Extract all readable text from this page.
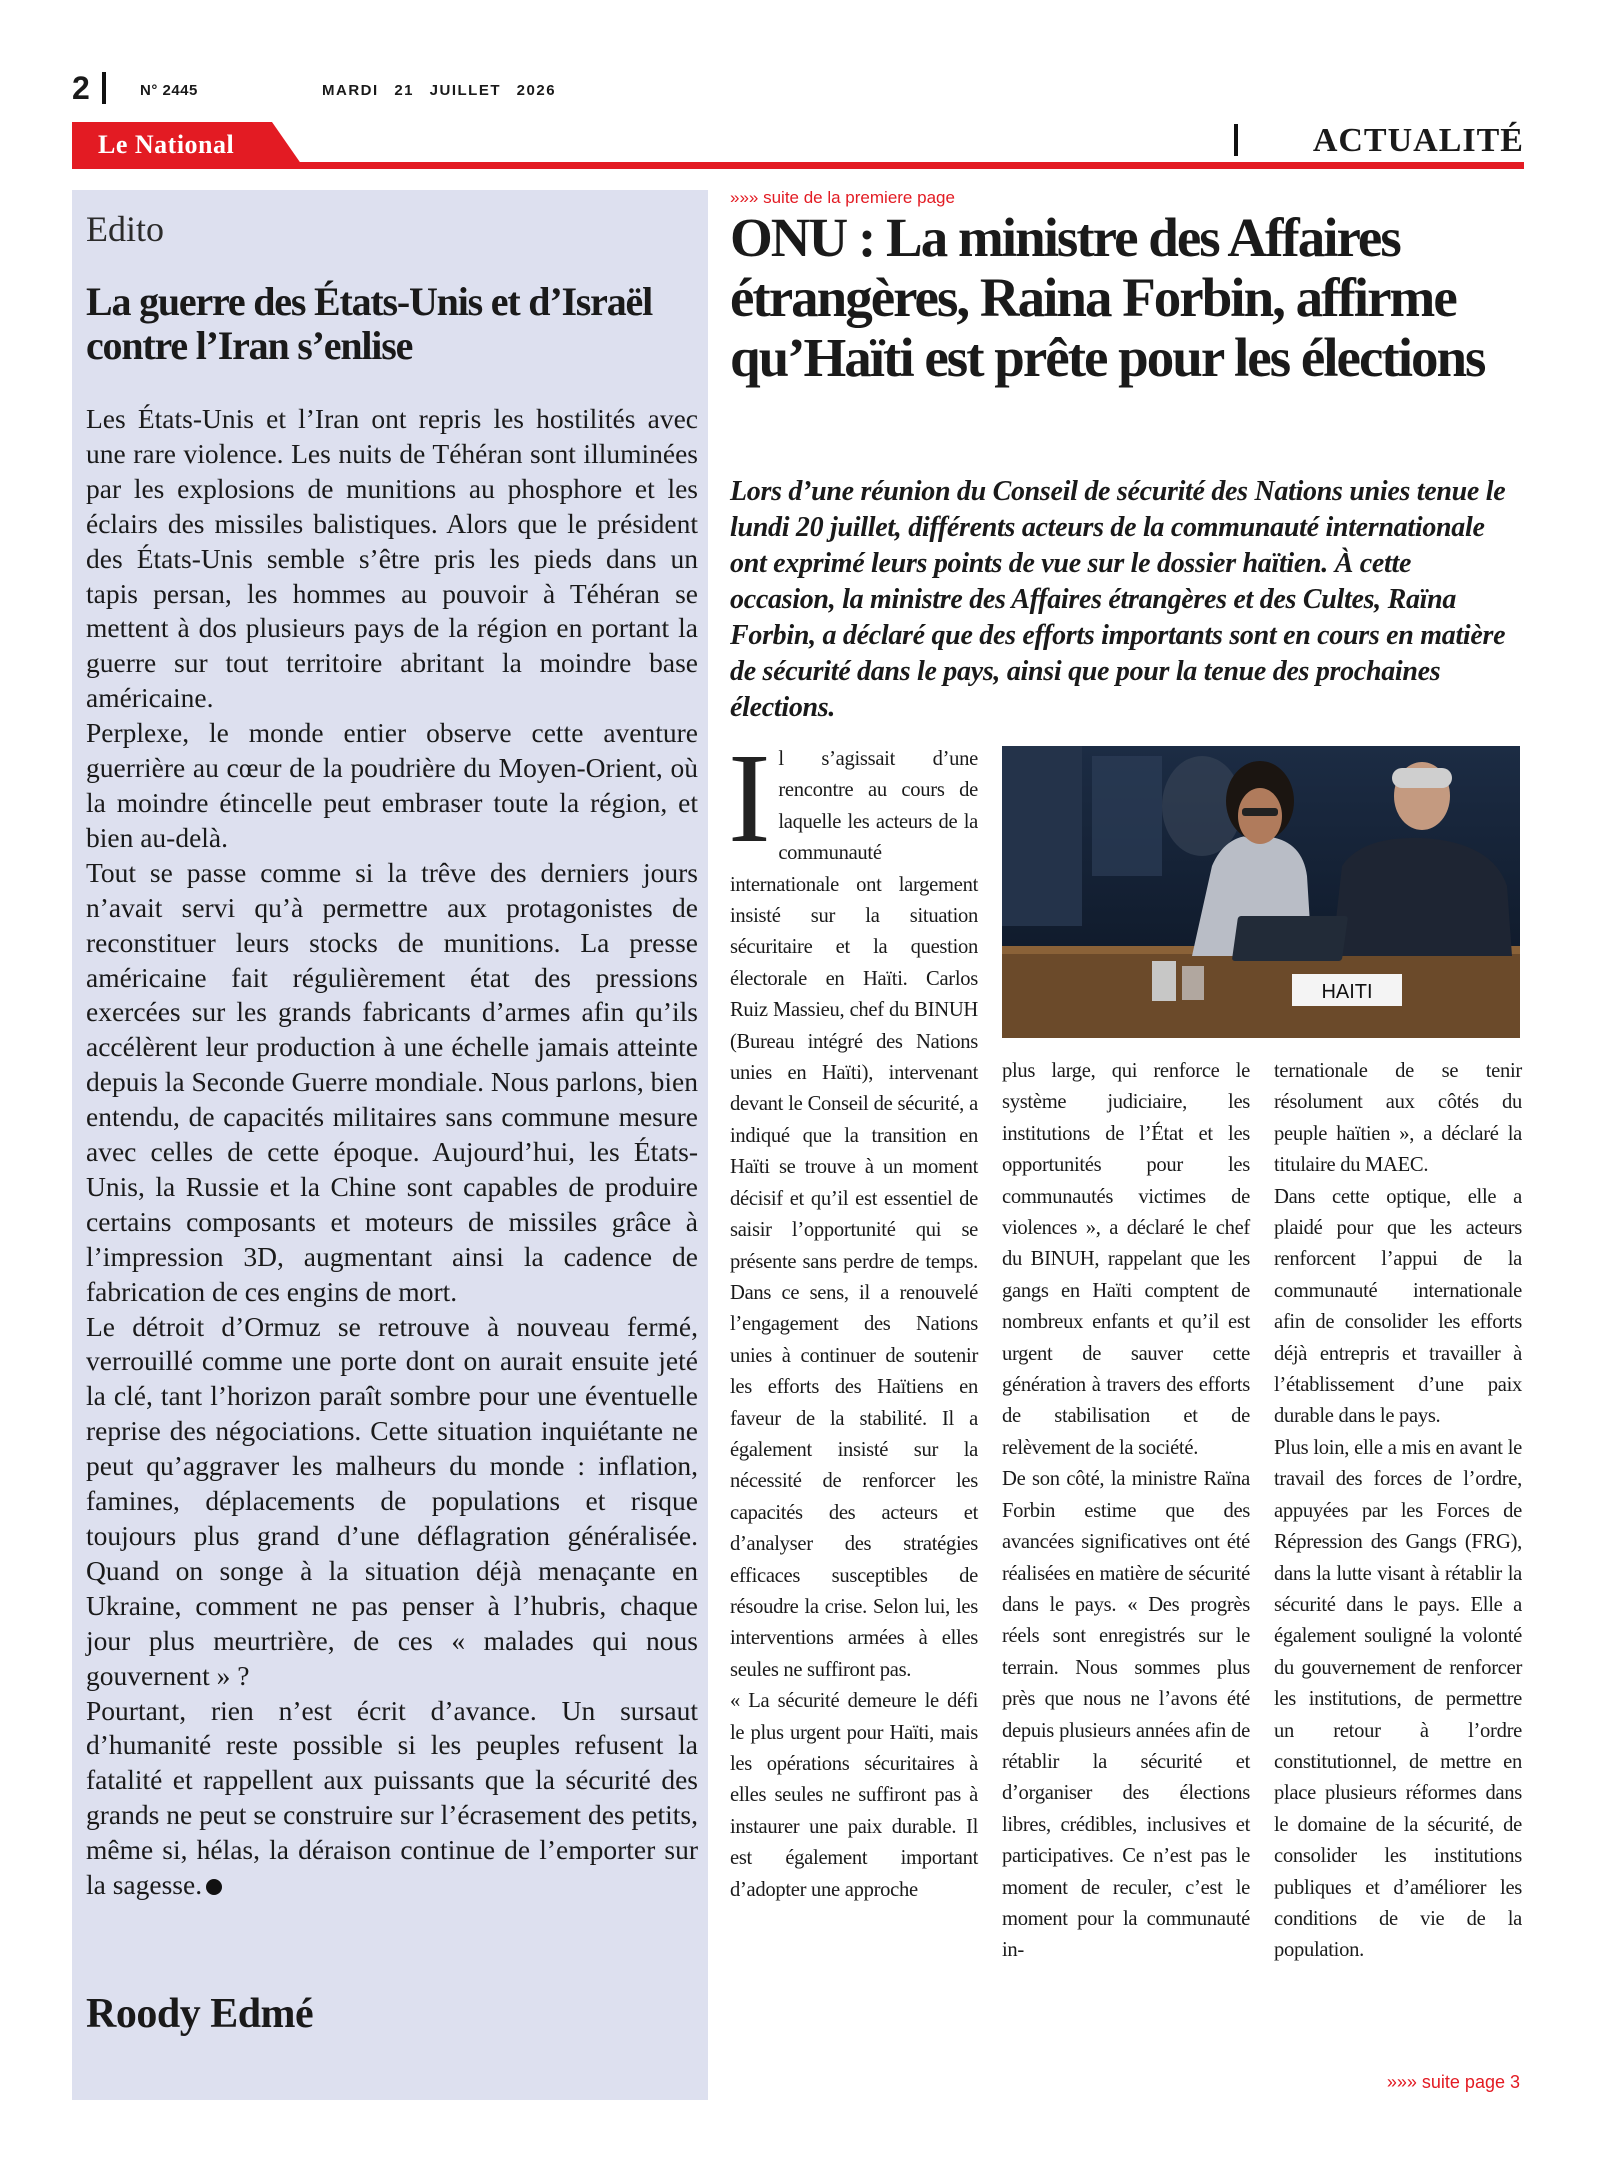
2	N° 2445	MARDI 21 JUILLET 2026
Le National	ACTUALITÉ
Edito
La guerre des États-Unis et d’Israël contre l’Iran s’enlise

Les États-Unis et l’Iran ont repris les hostilités avec une rare violence. Les nuits de Téhéran sont illuminées par les explosions de munitions au phosphore et les éclairs des missiles balistiques. Alors que le président des États-Unis semble s’être pris les pieds dans un tapis persan, les hommes au pouvoir à Téhéran se mettent à dos plusieurs pays de la région en portant la guerre sur tout territoire abritant la moindre base américaine.

Perplexe, le monde entier observe cette aventure guerrière au cœur de la poudrière du Moyen-Orient, où la moindre étincelle peut embraser toute la région, et bien au-delà.

Tout se passe comme si la trêve des derniers jours n’avait servi qu’à permettre aux protagonistes de reconstituer leurs stocks de munitions. La presse américaine fait régulièrement état des pressions exercées sur les grands fabricants d’armes afin qu’ils accélèrent leur production à une échelle jamais atteinte depuis la Seconde Guerre mondiale. Nous parlons, bien entendu, de capacités militaires sans commune mesure avec celles de cette époque. Aujourd’hui, les États-Unis, la Russie et la Chine sont capables de produire certains composants et moteurs de missiles grâce à l’impression 3D, augmentant ainsi la cadence de fabrication de ces engins de mort.

Le détroit d’Ormuz se retrouve à nouveau fermé, verrouillé comme une porte dont on aurait ensuite jeté la clé, tant l’horizon paraît sombre pour une éventuelle reprise des négociations. Cette situation inquiétante ne peut qu’aggraver les malheurs du monde : inflation, famines, déplacements de populations et risque toujours plus grand d’une déflagration généralisée. Quand on songe à la situation déjà menaçante en Ukraine, comment ne pas penser à l’hubris, chaque jour plus meurtrière, de ces « malades qui nous gouvernent » ?

Pourtant, rien n’est écrit d’avance. Un sursaut d’humanité reste possible si les peuples refusent la fatalité et rappellent aux puissants que la sécurité des grands ne peut se construire sur l’écrasement des petits, même si, hélas, la déraison continue de l’emporter sur la sagesse.

Roody Edmé
»»» suite de la premiere page
ONU : La ministre des Affaires étrangères, Raina Forbin, affirme qu’Haïti est prête pour les élections
Lors d’une réunion du Conseil de sécurité des Nations unies tenue le lundi 20 juillet, différents acteurs de la communauté internationale ont exprimé leurs points de vue sur le dossier haïtien. À cette occasion, la ministre des Affaires étrangères et des Cultes, Raïna Forbin, a déclaré que des efforts importants sont en cours en matière de sécurité dans le pays, ainsi que pour la tenue des prochaines élections.

Il s’agissait d’une rencontre au cours de laquelle les acteurs de la communauté internationale ont largement insisté sur la situation sécuritaire et la question électorale en Haïti. Carlos Ruiz Massieu, chef du BINUH (Bureau intégré des Nations unies en Haïti), intervenant devant le Conseil de sécurité, a indiqué que la transition en Haïti se trouve à un moment décisif et qu’il est essentiel de saisir l’opportunité qui se présente sans perdre de temps. Dans ce sens, il a renouvelé l’engagement des Nations unies à continuer de soutenir les efforts des Haïtiens en faveur de la stabilité. Il a également insisté sur la nécessité de renforcer les capacités des acteurs et d’analyser des stratégies efficaces susceptibles de résoudre la crise. Selon lui, les interventions armées à elles seules ne suffiront pas.

« La sécurité demeure le défi le plus urgent pour Haïti, mais les opérations sécuritaires à elles seules ne suffiront pas à instaurer une paix durable. Il est également important d’adopter une approche

HAITI

plus large, qui renforce le système judiciaire, les institutions de l’État et les opportunités pour les communautés victimes de violences », a déclaré le chef du BINUH, rappelant que les gangs en Haïti comptent de nombreux enfants et qu’il est urgent de sauver cette génération à travers des efforts de stabilisation et de relèvement de la société.

De son côté, la ministre Raïna Forbin estime que des avancées significatives ont été réalisées en matière de sécurité dans le pays. « Des progrès réels sont enregistrés sur le terrain. Nous sommes plus près que nous ne l’avons été depuis plusieurs années afin de rétablir la sécurité et d’organiser des élections libres, crédibles, inclusives et participatives. Ce n’est pas le moment de reculer, c’est le moment pour la communauté in-

ternationale de se tenir résolument aux côtés du peuple haïtien », a déclaré la titulaire du MAEC.

Dans cette optique, elle a plaidé pour que les acteurs renforcent l’appui de la communauté internationale afin de consolider les efforts déjà entrepris et travailler à l’établissement d’une paix durable dans le pays.

Plus loin, elle a mis en avant le travail des forces de l’ordre, appuyées par les Forces de Répression des Gangs (FRG), dans la lutte visant à rétablir la sécurité dans le pays. Elle a également souligné la volonté du gouvernement de renforcer les institutions, de permettre un retour à l’ordre constitutionnel, de mettre en place plusieurs réformes dans le domaine de la sécurité, de consolider les institutions publiques et d’améliorer les conditions de vie de la population.

»»» suite page 3
